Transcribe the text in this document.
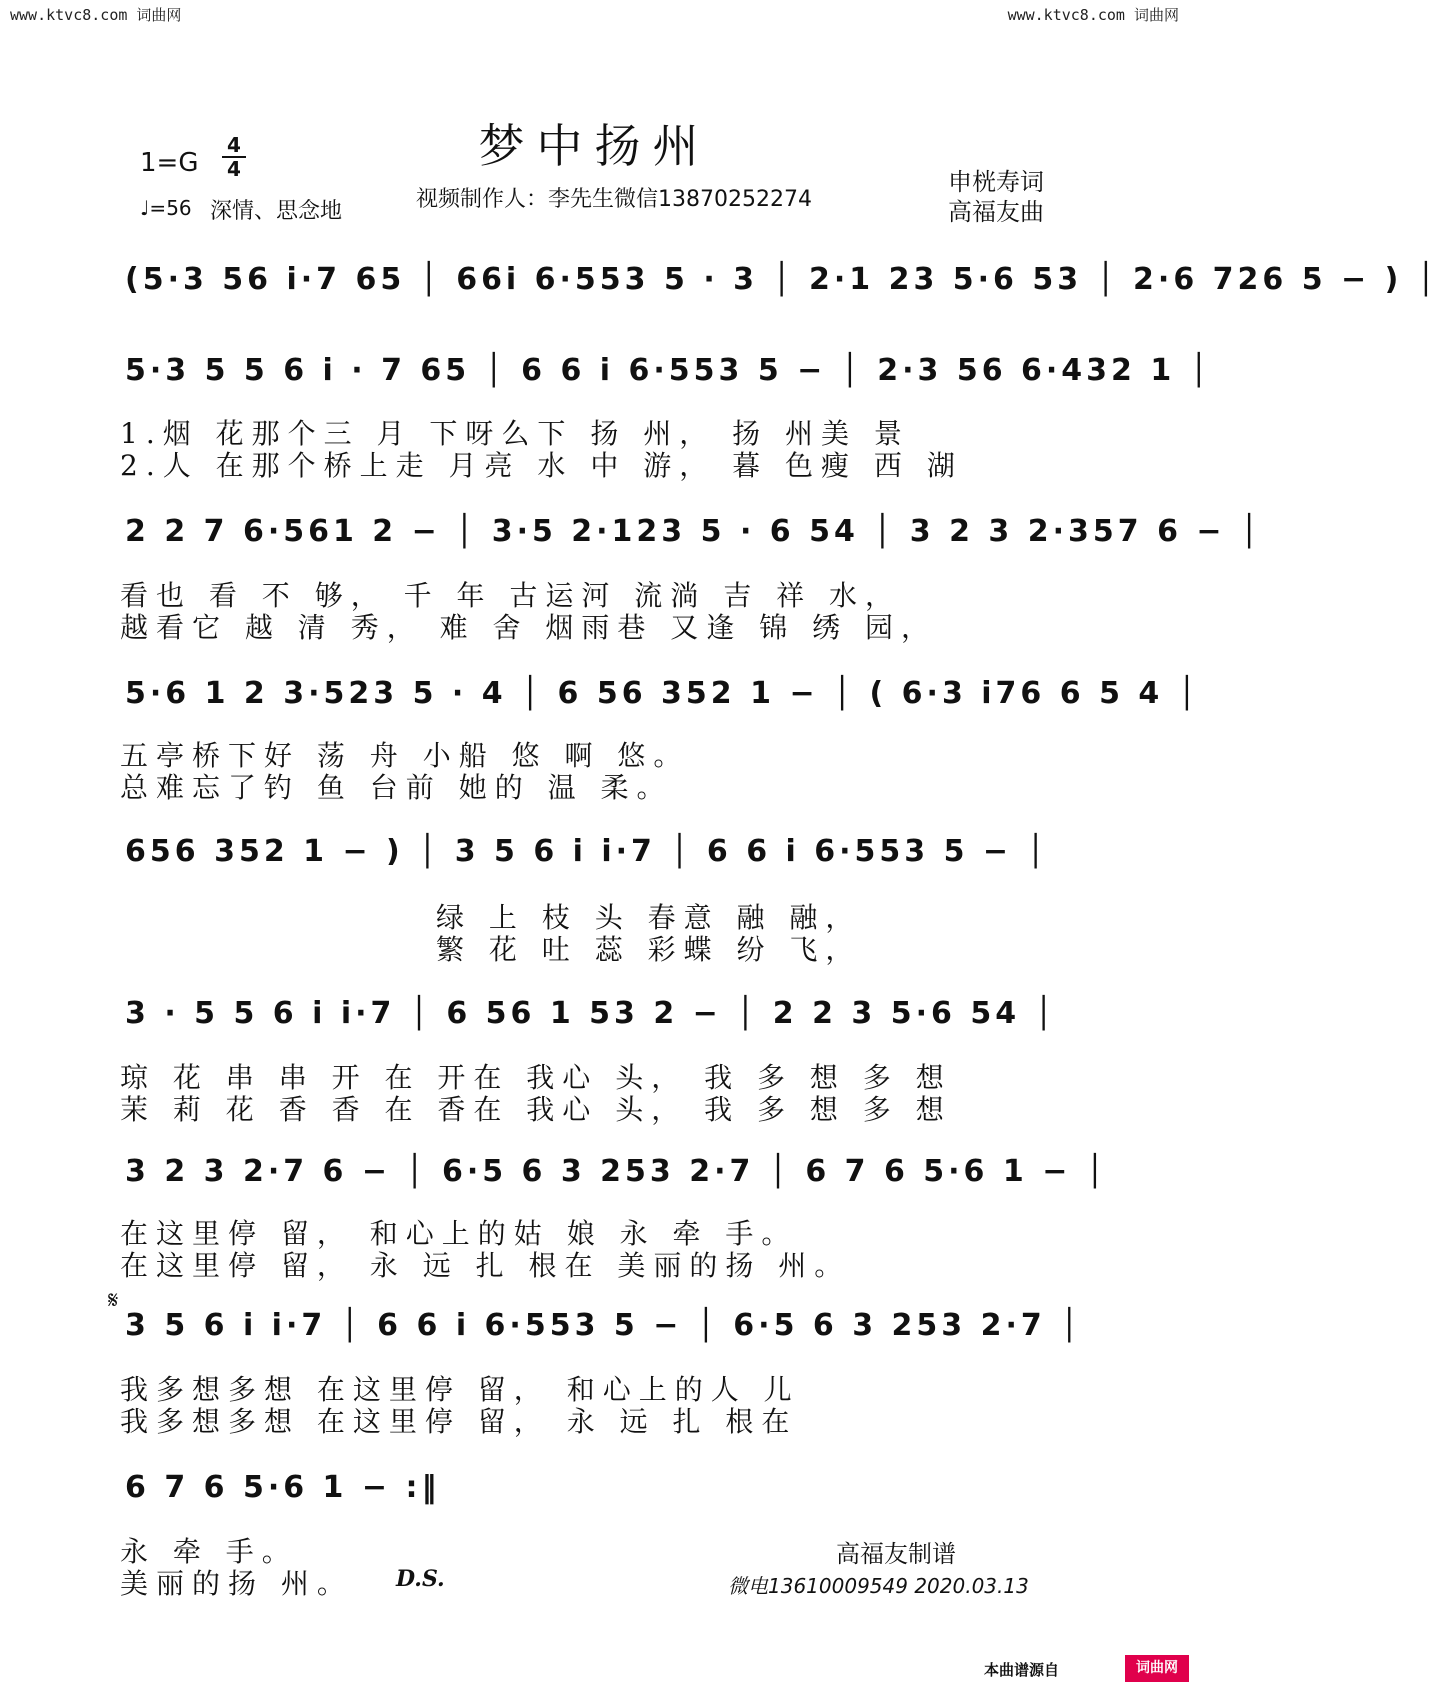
www.ktvc8.com 词曲网	www.ktvc8.com 词曲网
梦中扬州
1=G
4
4
♩=56 深情、思念地	视频制作人：李先生微信13870252274
申桄寿词
高福友曲
(5·3 56 i·7 65 │ 66i 6·553 5 · 3 │ 2·1 23 5·6 53 │ 2·6 726 5 − ) │
5·3 5 5 6 i · 7 65 │ 6 6 i 6·553 5 − │ 2·3 56 6·432 1 │
1.烟 花那个三 月 下呀么下 扬 州， 扬 州美 景
2.人 在那个桥上走 月亮 水 中 游， 暮 色瘦 西 湖
2 2 7 6·561 2 − │ 3·5 2·123 5 · 6 54 │ 3 2 3 2·357 6 − │
看也 看 不 够， 千 年 古运河 流淌 吉 祥 水，
越看它 越 清 秀， 难 舍 烟雨巷 又逢 锦 绣 园，
5·6 1 2 3·523 5 · 4 │ 6 56 352 1 − │ ( 6·3 i76 6 5 4 │
五亭桥下好 荡 舟 小船 悠 啊 悠。
总难忘了钓 鱼 台前 她的 温 柔。
656 352 1 − ) │ 3 5 6 i i·7 │ 6 6 i 6·553 5 − │
绿 上 枝 头 春意 融 融，
繁 花 吐 蕊 彩蝶 纷 飞，
3 · 5 5 6 i i·7 │ 6 56 1 53 2 − │ 2 2 3 5·6 54 │
琼 花 串 串 开 在 开在 我心 头， 我 多 想 多 想
茉 莉 花 香 香 在 香在 我心 头， 我 多 想 多 想
3 2 3 2·7 6 − │ 6·5 6 3 253 2·7 │ 6 7 6 5·6 1 − │
在这里停 留， 和心上的姑 娘 永 牵 手。
在这里停 留， 永 远 扎 根在 美丽的扬 州。
𝄋
3 5 6 i i·7 │ 6 6 i 6·553 5 − │ 6·5 6 3 253 2·7 │
我多想多想 在这里停 留， 和心上的人 儿
我多想多想 在这里停 留， 永 远 扎 根在
6 7 6 5·6 1 − :‖
永 牵 手。
美丽的扬 州。 D.S.
高福友制谱
微电13610009549 2020.03.13
本曲谱源自	词曲网
